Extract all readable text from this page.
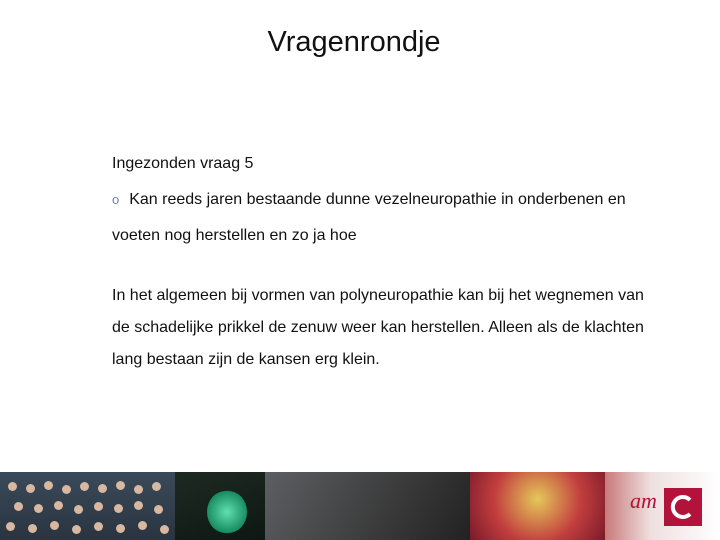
Vragenrondje

Ingezonden vraag 5

o Kan reeds jaren bestaande dunne vezelneuropathie in onderbenen en

voeten nog herstellen en zo ja hoe

In het algemeen bij vormen van polyneuropathie kan bij het wegnemen van
de schadelijke prikkel de zenuw weer kan herstellen. Alleen als de klachten
lang bestaan zijn de kansen erg klein.
am
